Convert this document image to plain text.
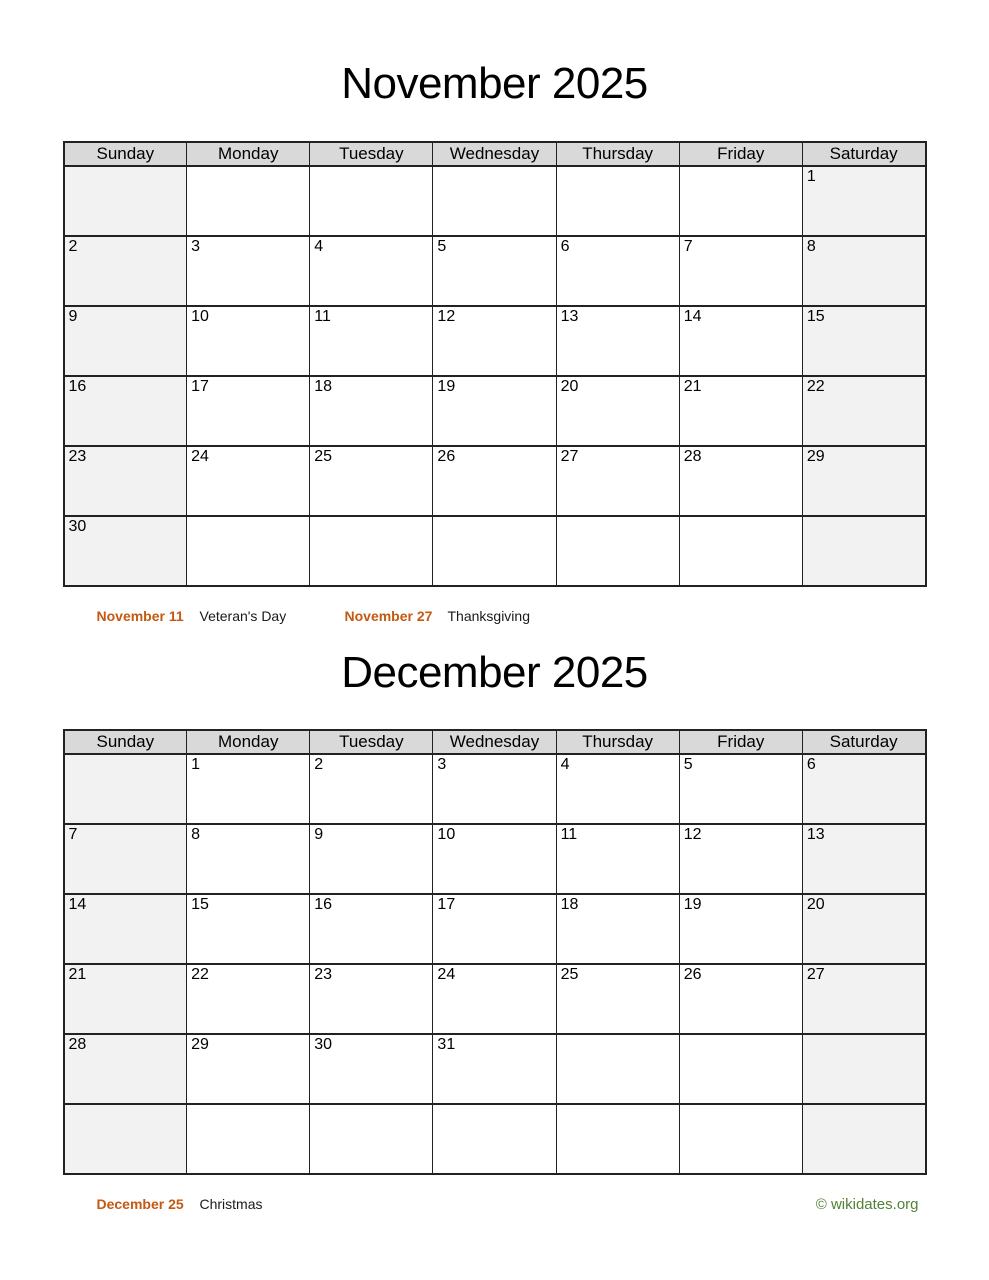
November 2025
Sunday	Monday	Tuesday	Wednesday	Thursday	Friday	Saturday
						1
2	3	4	5	6	7	8
9	10	11	12	13	14	15
16	17	18	19	20	21	22
23	24	25	26	27	28	29
30						
November 11 Veteran's Day	November 27 Thanksgiving
December 2025
Sunday	Monday	Tuesday	Wednesday	Thursday	Friday	Saturday
	1	2	3	4	5	6
7	8	9	10	11	12	13
14	15	16	17	18	19	20
21	22	23	24	25	26	27
28	29	30	31			

December 25 Christmas	© wikidates.org
